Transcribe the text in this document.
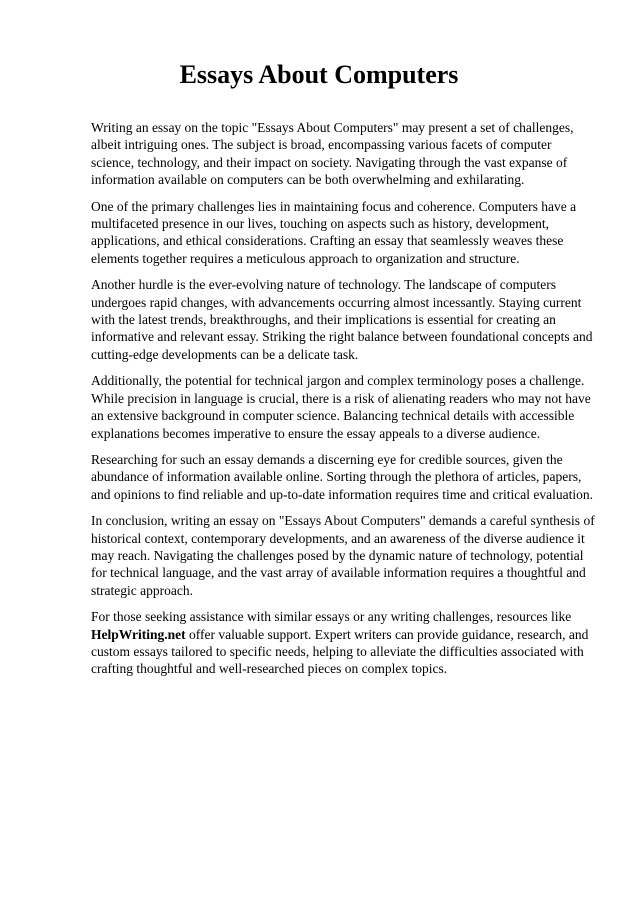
Essays About Computers

Writing an essay on the topic "Essays About Computers" may present a set of challenges, albeit intriguing ones. The subject is broad, encompassing various facets of computer science, technology, and their impact on society. Navigating through the vast expanse of information available on computers can be both overwhelming and exhilarating.

One of the primary challenges lies in maintaining focus and coherence. Computers have a multifaceted presence in our lives, touching on aspects such as history, development, applications, and ethical considerations. Crafting an essay that seamlessly weaves these elements together requires a meticulous approach to organization and structure.

Another hurdle is the ever-evolving nature of technology. The landscape of computers undergoes rapid changes, with advancements occurring almost incessantly. Staying current with the latest trends, breakthroughs, and their implications is essential for creating an informative and relevant essay. Striking the right balance between foundational concepts and cutting-edge developments can be a delicate task.

Additionally, the potential for technical jargon and complex terminology poses a challenge. While precision in language is crucial, there is a risk of alienating readers who may not have an extensive background in computer science. Balancing technical details with accessible explanations becomes imperative to ensure the essay appeals to a diverse audience.

Researching for such an essay demands a discerning eye for credible sources, given the abundance of information available online. Sorting through the plethora of articles, papers, and opinions to find reliable and up-to-date information requires time and critical evaluation.

In conclusion, writing an essay on "Essays About Computers" demands a careful synthesis of historical context, contemporary developments, and an awareness of the diverse audience it may reach. Navigating the challenges posed by the dynamic nature of technology, potential for technical language, and the vast array of available information requires a thoughtful and strategic approach.

For those seeking assistance with similar essays or any writing challenges, resources like HelpWriting.net offer valuable support. Expert writers can provide guidance, research, and custom essays tailored to specific needs, helping to alleviate the difficulties associated with crafting thoughtful and well-researched pieces on complex topics.
